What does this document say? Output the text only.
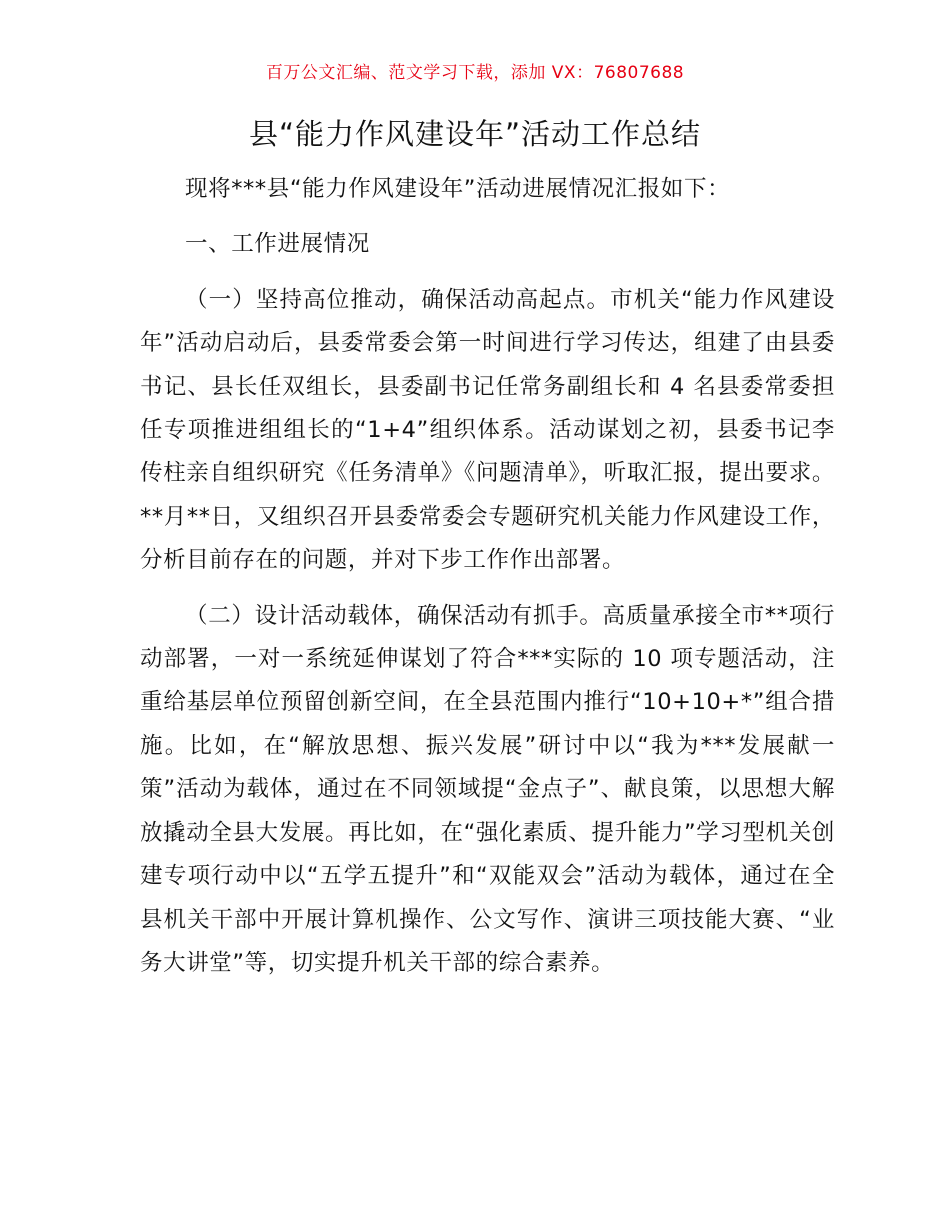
百万公文汇编、范文学习下载，添加 VX：76807688
县“能力作风建设年”活动工作总结

现将***县“能力作风建设年”活动进展情况汇报如下：

一、工作进展情况

（一）坚持高位推动，确保活动高起点。市机关“能力作风建设年”活动启动后，县委常委会第一时间进行学习传达，组建了由县委书记、县长任双组长，县委副书记任常务副组长和 4 名县委常委担任专项推进组组长的“1+4”组织体系。活动谋划之初，县委书记李传柱亲自组织研究《任务清单》《问题清单》，听取汇报，提出要求。**月**日，又组织召开县委常委会专题研究机关能力作风建设工作，分析目前存在的问题，并对下步工作作出部署。

（二）设计活动载体，确保活动有抓手。高质量承接全市**项行动部署，一对一系统延伸谋划了符合***实际的 10 项专题活动，注重给基层单位预留创新空间，在全县范围内推行“10+10+*”组合措施。比如，在“解放思想、振兴发展”研讨中以“我为***发展献一策”活动为载体，通过在不同领域提“金点子”、献良策，以思想大解放撬动全县大发展。再比如，在“强化素质、提升能力”学习型机关创建专项行动中以“五学五提升”和“双能双会”活动为载体，通过在全县机关干部中开展计算机操作、公文写作、演讲三项技能大赛、“业务大讲堂”等，切实提升机关干部的综合素养。
